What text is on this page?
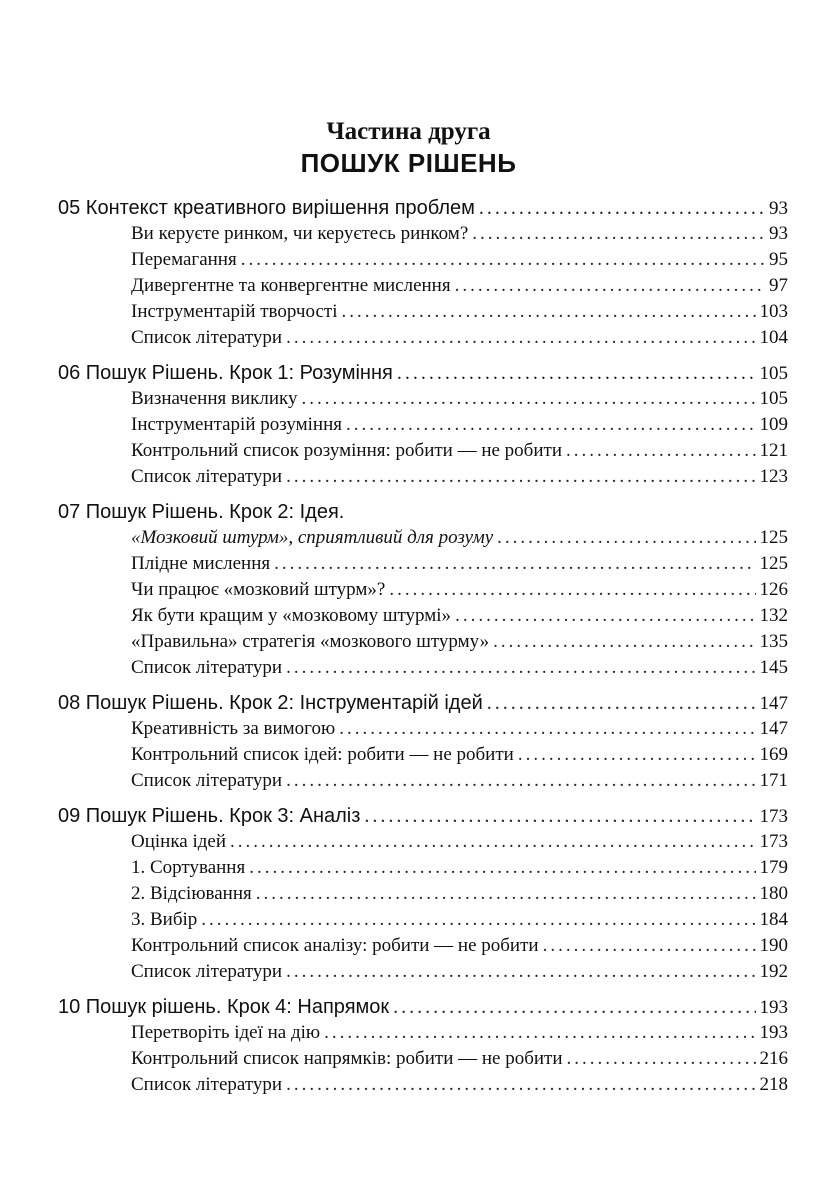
Частина друга
ПОШУК РІШЕНЬ
05 Контекст креативного вирішення проблем .....	93
Ви керуєте ринком, чи керуєтесь ринком? .....	93
Перемагання .....	95
Дивергентне та конвергентне мислення .....	97
Інструментарій творчості .....	103
Список літератури .....	104
06 Пошук Рішень. Крок 1: Розуміння .....	105
Визначення виклику .....	105
Інструментарій розуміння .....	109
Контрольний список розуміння: робити — не робити .....	121
Список літератури .....	123
07 Пошук Рішень. Крок 2: Ідея.
«Мозковий штурм», сприятливий для розуму .....	125
Плідне мислення .....	125
Чи працює «мозковий штурм»? .....	126
Як бути кращим у «мозковому штурмі» .....	132
«Правильна» стратегія «мозкового штурму» .....	135
Список літератури .....	145
08 Пошук Рішень. Крок 2: Інструментарій ідей .....	147
Креативність за вимогою .....	147
Контрольний список ідей: робити — не робити .....	169
Список літератури .....	171
09 Пошук Рішень. Крок 3: Аналіз .....	173
Оцінка ідей .....	173
1. Сортування .....	179
2. Відсіювання .....	180
3. Вибір .....	184
Контрольний список аналізу: робити — не робити .....	190
Список літератури .....	192
10 Пошук рішень. Крок 4: Напрямок .....	193
Перетворіть ідеї на дію .....	193
Контрольний список напрямків: робити — не робити .....	216
Список літератури .....	218
